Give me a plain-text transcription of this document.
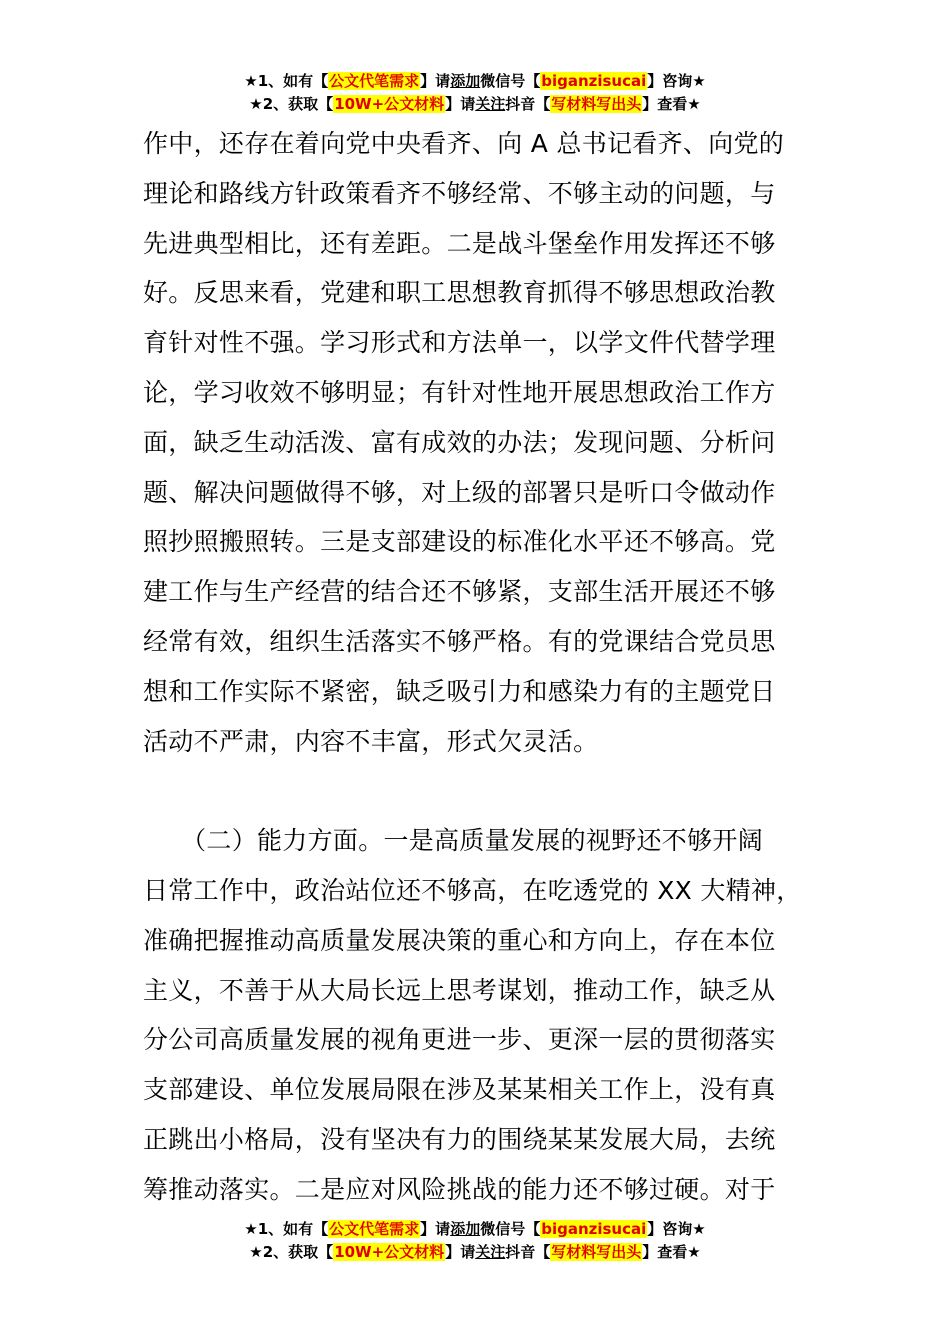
★1、如有【公文代笔需求】请添加微信号【biganzisucai】咨询★
★2、获取【10W+公文材料】请关注抖音【写材料写出头】查看★
作中，还存在着向党中央看齐、向 A 总书记看齐、向党的
理论和路线方针政策看齐不够经常、不够主动的问题，与
先进典型相比，还有差距。二是战斗堡垒作用发挥还不够
好。反思来看，党建和职工思想教育抓得不够思想政治教
育针对性不强。学习形式和方法单一，以学文件代替学理
论，学习收效不够明显；有针对性地开展思想政治工作方
面，缺乏生动活泼、富有成效的办法；发现问题、分析问
题、解决问题做得不够，对上级的部署只是听口令做动作
照抄照搬照转。三是支部建设的标准化水平还不够高。党
建工作与生产经营的结合还不够紧，支部生活开展还不够
经常有效，组织生活落实不够严格。有的党课结合党员思
想和工作实际不紧密，缺乏吸引力和感染力有的主题党日
活动不严肃，内容不丰富，形式欠灵活。
　　（二）能力方面。一是高质量发展的视野还不够开阔
日常工作中，政治站位还不够高，在吃透党的 XX 大精神，
准确把握推动高质量发展决策的重心和方向上，存在本位
主义，不善于从大局长远上思考谋划，推动工作，缺乏从
分公司高质量发展的视角更进一步、更深一层的贯彻落实
支部建设、单位发展局限在涉及某某相关工作上，没有真
正跳出小格局，没有坚决有力的围绕某某发展大局，去统
筹推动落实。二是应对风险挑战的能力还不够过硬。对于
★1、如有【公文代笔需求】请添加微信号【biganzisucai】咨询★
★2、获取【10W+公文材料】请关注抖音【写材料写出头】查看★
